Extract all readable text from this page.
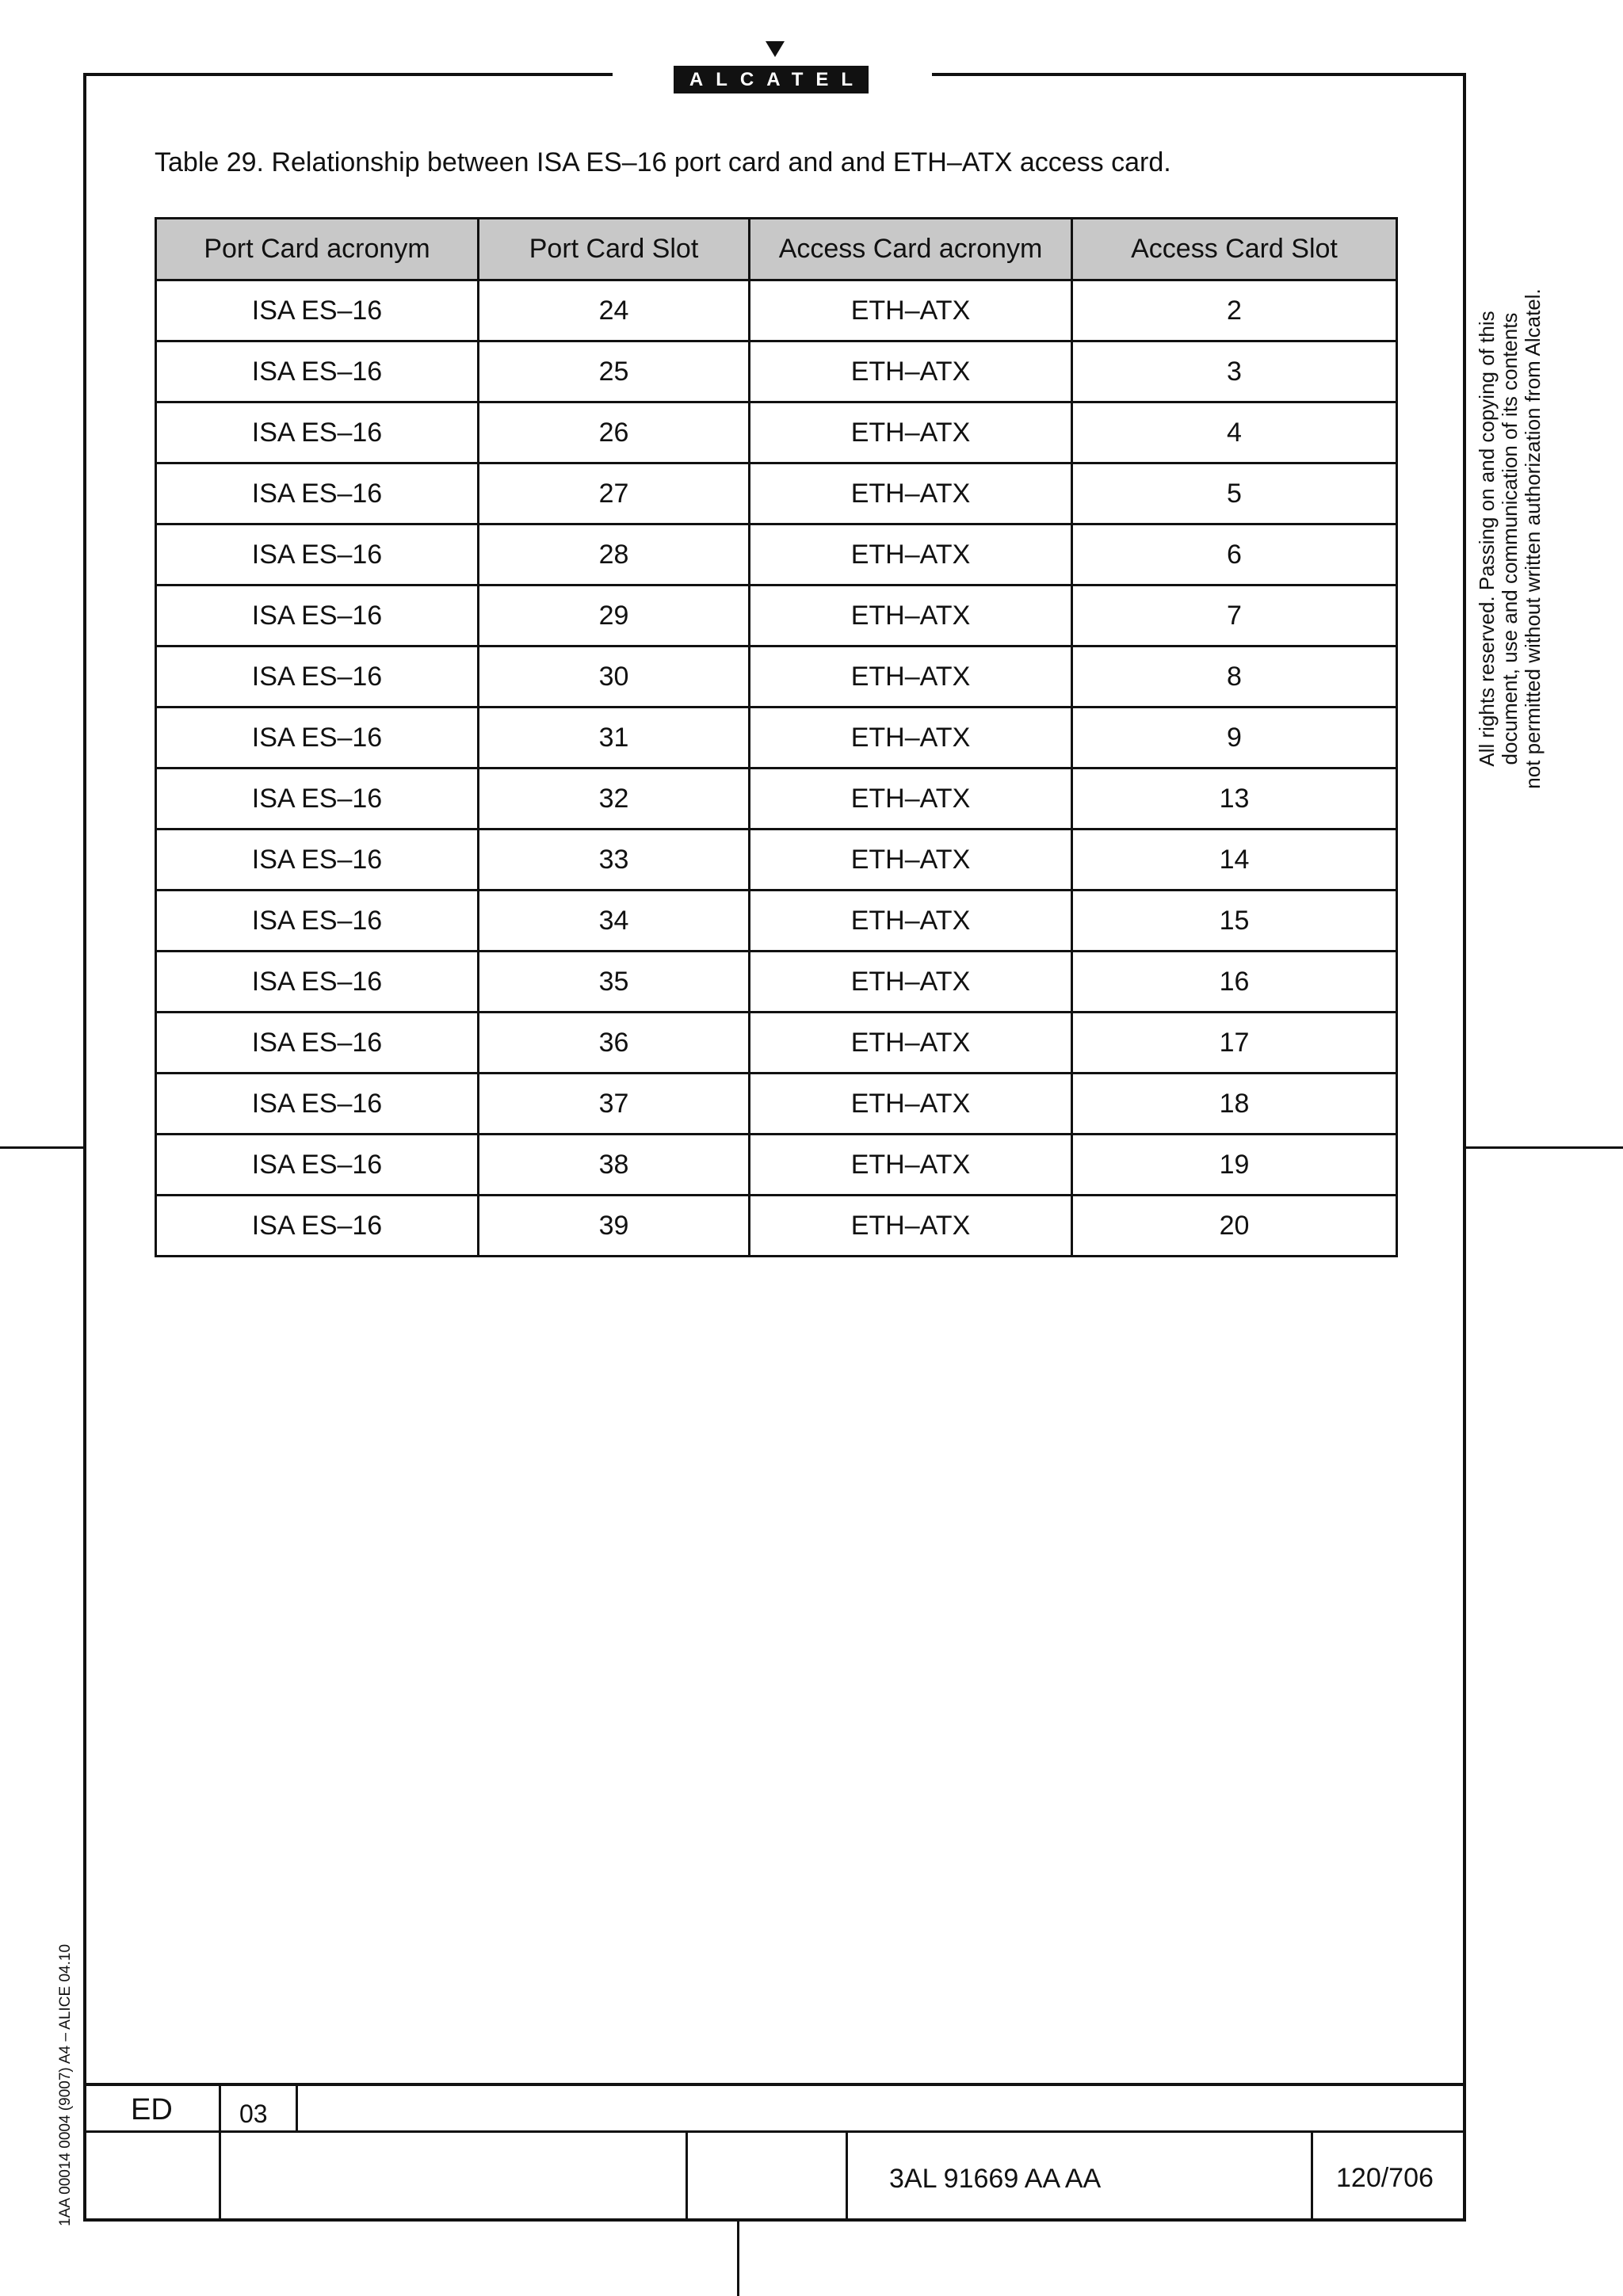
ALCATEL
Table 29. Relationship between ISA ES–16 port card and and ETH–ATX access card.
Port Card acronym	Port Card Slot	Access Card acronym	Access Card Slot
ISA ES–16	24	ETH–ATX	2
ISA ES–16	25	ETH–ATX	3
ISA ES–16	26	ETH–ATX	4
ISA ES–16	27	ETH–ATX	5
ISA ES–16	28	ETH–ATX	6
ISA ES–16	29	ETH–ATX	7
ISA ES–16	30	ETH–ATX	8
ISA ES–16	31	ETH–ATX	9
ISA ES–16	32	ETH–ATX	13
ISA ES–16	33	ETH–ATX	14
ISA ES–16	34	ETH–ATX	15
ISA ES–16	35	ETH–ATX	16
ISA ES–16	36	ETH–ATX	17
ISA ES–16	37	ETH–ATX	18
ISA ES–16	38	ETH–ATX	19
ISA ES–16	39	ETH–ATX	20
All rights reserved. Passing on and copying of this document, use and communication of its contents not permitted without written authorization from Alcatel.
1AA 00014 0004 (9007) A4 – ALICE 04.10 ED	03
3AL 91669 AA AA	120/706
